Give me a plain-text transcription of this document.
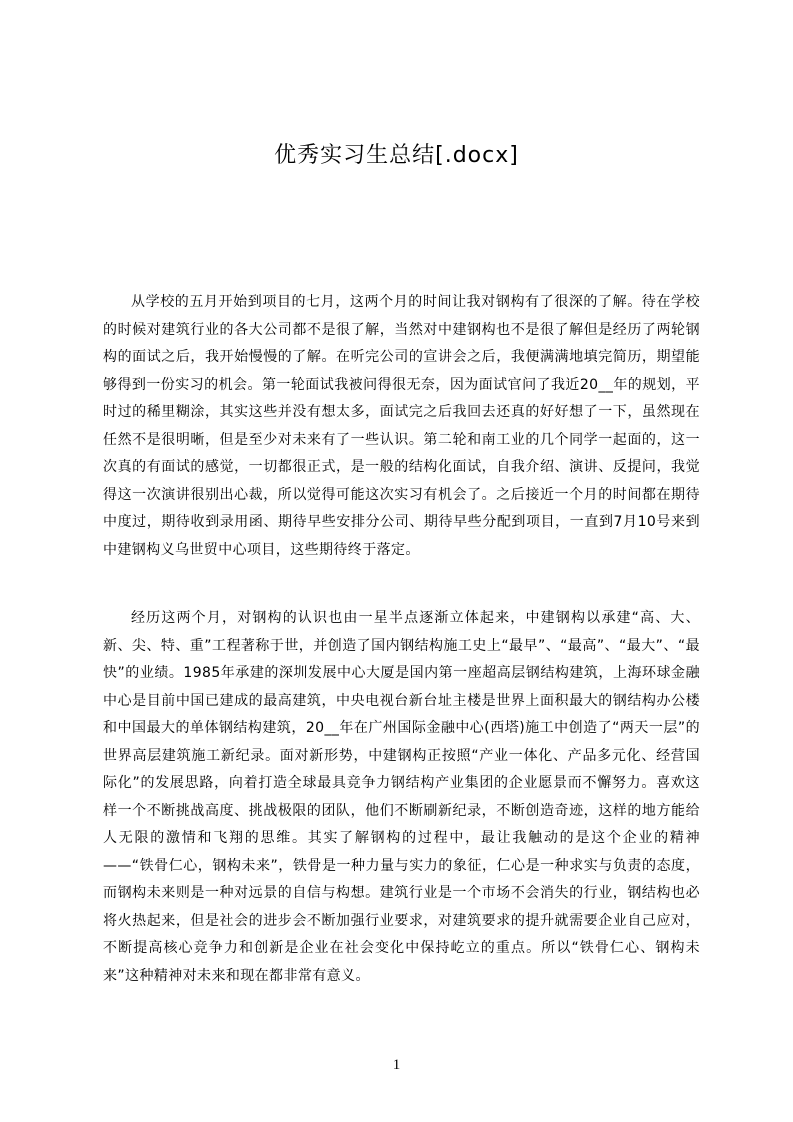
优秀实习生总结[.docx]

从学校的五月开始到项目的七月，这两个月的时间让我对钢构有了很深的了解。待在学校的时候对建筑行业的各大公司都不是很了解，当然对中建钢构也不是很了解但是经历了两轮钢构的面试之后，我开始慢慢的了解。在听完公司的宣讲会之后，我便满满地填完简历，期望能够得到一份实习的机会。第一轮面试我被问得很无奈，因为面试官问了我近20__年的规划，平时过的稀里糊涂，其实这些并没有想太多，面试完之后我回去还真的好好想了一下，虽然现在任然不是很明晰，但是至少对未来有了一些认识。第二轮和南工业的几个同学一起面的，这一次真的有面试的感觉，一切都很正式，是一般的结构化面试，自我介绍、演讲、反提问，我觉得这一次演讲很别出心裁，所以觉得可能这次实习有机会了。之后接近一个月的时间都在期待中度过，期待收到录用函、期待早些安排分公司、期待早些分配到项目，一直到7月10号来到中建钢构义乌世贸中心项目，这些期待终于落定。

经历这两个月，对钢构的认识也由一星半点逐渐立体起来，中建钢构以承建“高、大、新、尖、特、重”工程著称于世，并创造了国内钢结构施工史上“最早”、“最高”、“最大”、“最快”的业绩。1985年承建的深圳发展中心大厦是国内第一座超高层钢结构建筑，上海环球金融中心是目前中国已建成的最高建筑，中央电视台新台址主楼是世界上面积最大的钢结构办公楼和中国最大的单体钢结构建筑，20__年在广州国际金融中心(西塔)施工中创造了“两天一层”的世界高层建筑施工新纪录。面对新形势，中建钢构正按照“产业一体化、产品多元化、经营国际化”的发展思路，向着打造全球最具竞争力钢结构产业集团的企业愿景而不懈努力。喜欢这样一个不断挑战高度、挑战极限的团队，他们不断刷新纪录，不断创造奇迹，这样的地方能给人无限的激情和飞翔的思维。其实了解钢构的过程中，最让我触动的是这个企业的精神——“铁骨仁心，钢构未来”，铁骨是一种力量与实力的象征，仁心是一种求实与负责的态度，而钢构未来则是一种对远景的自信与构想。建筑行业是一个市场不会消失的行业，钢结构也必将火热起来，但是社会的进步会不断加强行业要求，对建筑要求的提升就需要企业自己应对，不断提高核心竞争力和创新是企业在社会变化中保持屹立的重点。所以“铁骨仁心、钢构未来”这种精神对未来和现在都非常有意义。

1
